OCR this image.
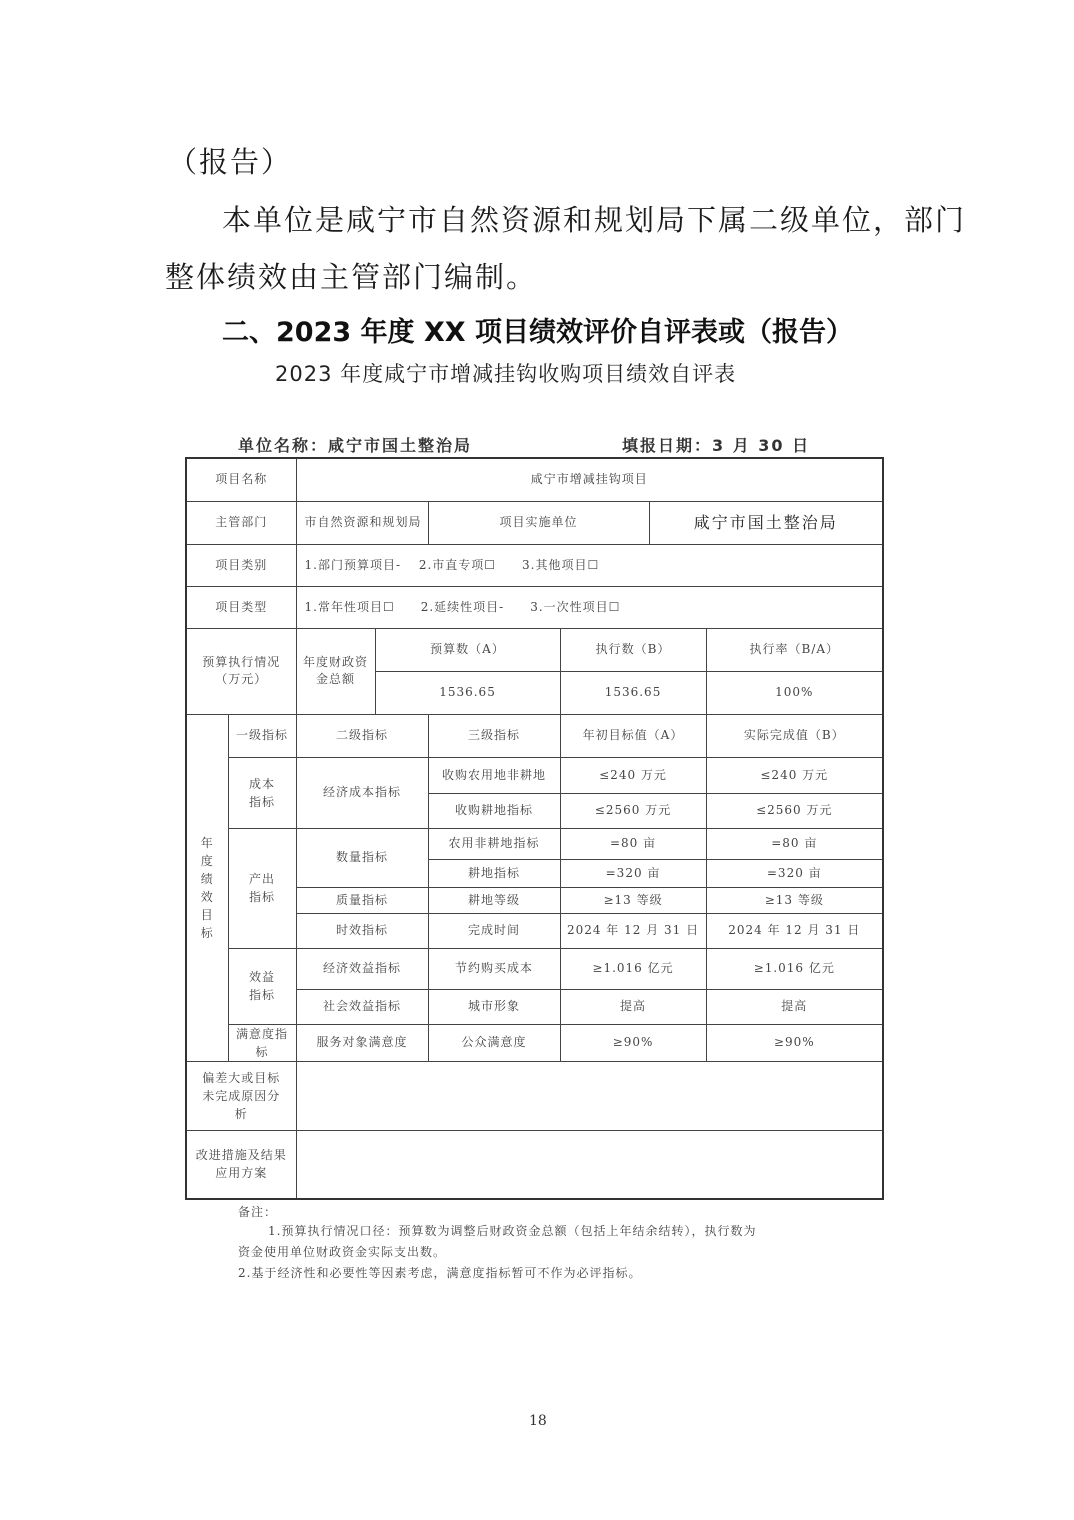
（报告）
本单位是咸宁市自然资源和规划局下属二级单位，部门
整体绩效由主管部门编制。
二、2023 年度 XX 项目绩效评价自评表或（报告）
2023 年度咸宁市增减挂钩收购项目绩效自评表
单位名称：咸宁市国土整治局	填报日期：3 月 30 日
项目名称		咸宁市增减挂钩项目					
主管部门		市自然资源和规划局		项目实施单位		咸宁市国土整治局	
项目类别		1.部门预算项目-　 2.市直专项☐　　3.其他项目☐					
项目类型		1.常年性项目☐　　2.延续性项目-　　3.一次性项目☐					
预算执行情况（万元）		年度财政资金总额	预算数（A）		执行数（B）		执行率（B/A）
			1536.65		1536.65		100%
年度绩效目标	一级指标	二级指标		三级指标	年初目标值（A）		实际完成值（B）
	成本指标	经济成本指标		收购农用地非耕地	≤240 万元		≤240 万元
				收购耕地指标	≤2560 万元		≤2560 万元
	产出指标	数量指标		农用非耕地指标	=80 亩		=80 亩
				耕地指标	=320 亩		=320 亩
		质量指标		耕地等级	≥13 等级		≥13 等级
		时效指标		完成时间	2024 年 12 月 31 日		2024 年 12 月 31 日
	效益指标	经济效益指标		节约购买成本	≥1.016 亿元		≥1.016 亿元
		社会效益指标		城市形象	提高		提高
	满意度指　标	服务对象满意度		公众满意度	≥90%		≥90%
偏差大或目标未完成原因分析							
改进措施及结果应用方案							
备注：
1.预算执行情况口径：预算数为调整后财政资金总额（包括上年结余结转），执行数为
资金使用单位财政资金实际支出数。
2.基于经济性和必要性等因素考虑，满意度指标暂可不作为必评指标。
18
